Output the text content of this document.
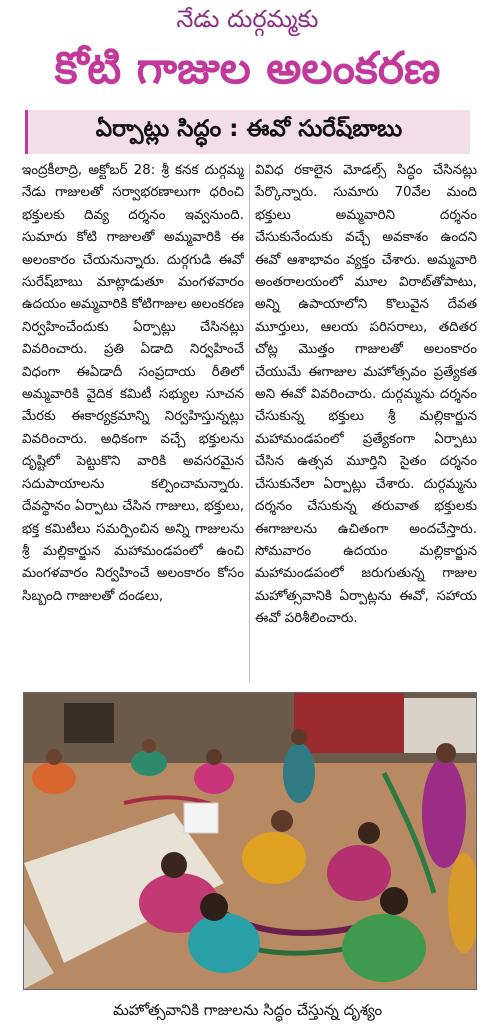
నేడు దుర్గమ్మకు
కోటి గాజుల అలంకరణ
ఏర్పాట్లు సిద్ధం : ఈవో సురేష్‌బాబు
ఇంద్రకీలాద్రి, అక్టోబర్ 28: శ్రీ కనక దుర్గమ్మ నేడు గాజులతో సర్వాభరణాలుగా ధరించి భక్తులకు దివ్య దర్శనం ఇవ్వనుంది. సుమారు కోటి గాజులతో అమ్మవారికి ఈ అలంకారం చేయనున్నారు. దుర్గగుడి ఈవో సురేష్‌బాబు మాట్లాడుతూ మంగళవారం ఉదయం అమ్మవారికి కోటిగాజుల అలంకరణ నిర్వహించేందుకు ఏర్పాట్లు చేసినట్లు వివరించారు. ప్రతి ఏడాది నిర్వహించే విధంగా ఈఏడాదీ సంప్రదాయ రీతిలో అమ్మవారికి వైదిక కమిటీ సభ్యుల సూచన మేరకు ఈకార్యక్రమాన్ని నిర్వహిస్తున్నట్లు వివరించారు. అధికంగా వచ్చే భక్తులను దృష్టిలో పెట్టుకొని వారికి అవసరమైన సదుపాయాలను కల్పించామన్నారు. దేవస్థానం ఏర్పాటు చేసిన గాజులు, భక్తులు, భక్త కమిటీలు సమర్పించిన అన్ని గాజులను శ్రీ మల్లికార్జున మహామండపంలో ఉంచి మంగళవారం నిర్వహించే అలంకారం కోసం సిబ్బంది గాజులతో దండలు,
వివిధ రకాలైన మోడల్స్ సిద్ధం చేసినట్లు పేర్కొన్నారు. సుమారు 70వేల మంది భక్తులు అమ్మవారిని దర్శనం చేసుకునేందుకు వచ్చే అవకాశం ఉందని ఈవో ఆశాభావం వ్యక్తం చేశారు. అమ్మవారి అంతరాలయంలో మూల విరాట్‌తోపాటు, అన్ని ఉపాయాలోని కొలువైన దేవత మూర్తులు, ఆలయ పరిసరాలు, తదితర చోట్ల మొత్తం గాజులతో అలంకారం చేయుమే ఈగాజుల మహోత్సవం ప్రత్యేకత అని ఈవో వివరించారు. దుర్గమ్మను దర్శనం చేసుకున్న భక్తులు శ్రీ మల్లికార్జున మహామండపంలో ప్రత్యేకంగా ఏర్పాటు చేసిన ఉత్సవ మూర్తిని సైతం దర్శనం చేసుకునేలా ఏర్పాట్లు చేశారు. దుర్గమ్మను దర్శనం చేసుకున్న తరువాత భక్తులకు ఈగాజులను ఉచితంగా అందచేస్తారు. సోమవారం ఉదయం మల్లికార్జున మహామండపంలో జరుగుతున్న గాజుల మహోత్సవానికి ఏర్పాట్లను ఈవో, సహాయ ఈవో పరిశీలించారు.
మహోత్సవానికి గాజులను సిద్ధం చేస్తున్న దృశ్యం
